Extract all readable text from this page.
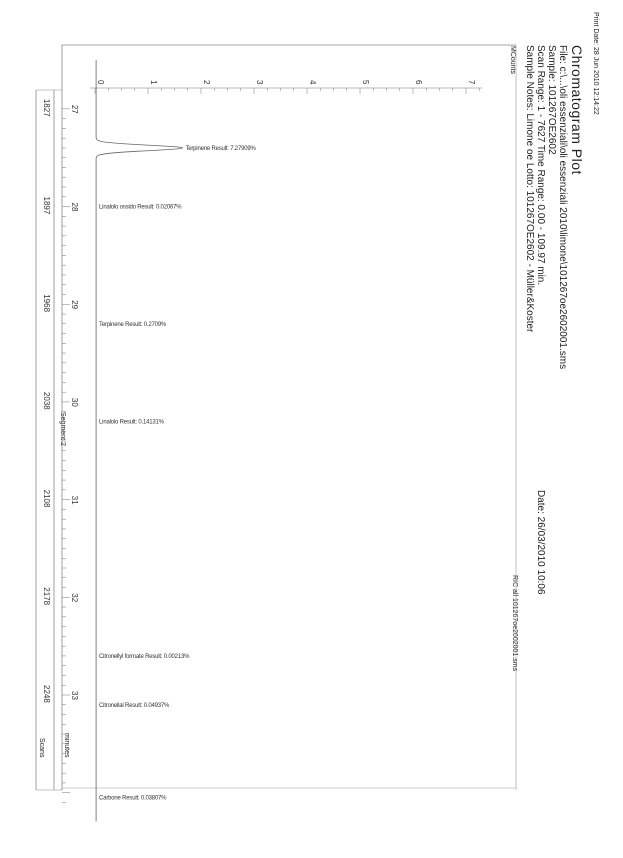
Print Date: 28 Jun 2010 12:14:22
Chromatogram Plot
File: c:\...\oli essenziali\oli essenziali 2010\limone\101267oe2602001.sms
Sample: 101267OE2602
Scan Range: 1 - 7627 Time Range: 0.00 - 109.97 min.
Sample Notes: Limone oe Lotto: 101267OE2602 - Müller&Koster
Date: 26/03/2010 10:06
RIC all 101267oe2602001.sms
MCounts
minutes
Scans
Segment 2
0	1	2	3	4	5	6	7
27
1827
28
1897
29
1968
30
2038
31
2108
32
2178
33
2248
Terpinene Result: 7.27909%
Linalolo ossido Result: 0.02067%
Terpinene Result: 0.2709%
Linalolo Result: 0.14131%
Citronellyl formate Result: 0.00213%
Citronellal Result: 0.04937%
Carbone Result: 0.03807%
